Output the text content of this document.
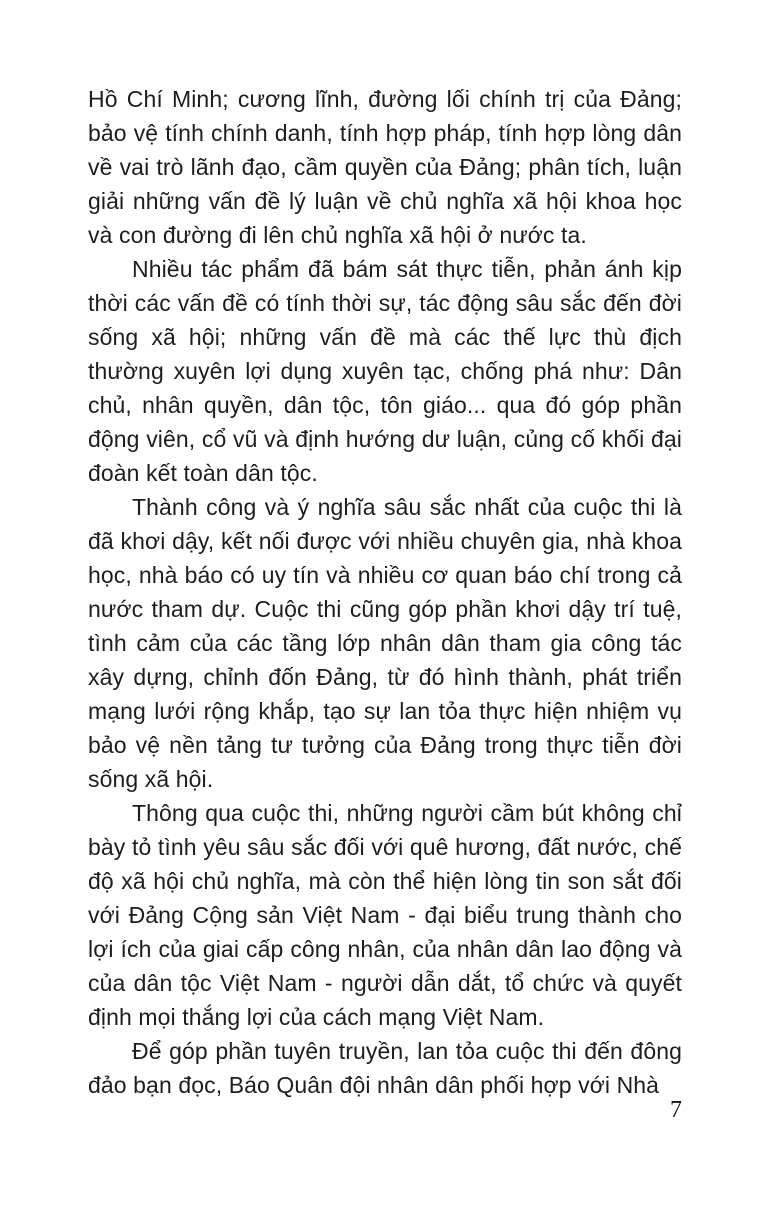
Hồ Chí Minh; cương lĩnh, đường lối chính trị của Đảng; bảo vệ tính chính danh, tính hợp pháp, tính hợp lòng dân về vai trò lãnh đạo, cầm quyền của Đảng; phân tích, luận giải những vấn đề lý luận về chủ nghĩa xã hội khoa học và con đường đi lên chủ nghĩa xã hội ở nước ta.

Nhiều tác phẩm đã bám sát thực tiễn, phản ánh kịp thời các vấn đề có tính thời sự, tác động sâu sắc đến đời sống xã hội; những vấn đề mà các thế lực thù địch thường xuyên lợi dụng xuyên tạc, chống phá như: Dân chủ, nhân quyền, dân tộc, tôn giáo... qua đó góp phần động viên, cổ vũ và định hướng dư luận, củng cố khối đại đoàn kết toàn dân tộc.

Thành công và ý nghĩa sâu sắc nhất của cuộc thi là đã khơi dậy, kết nối được với nhiều chuyên gia, nhà khoa học, nhà báo có uy tín và nhiều cơ quan báo chí trong cả nước tham dự. Cuộc thi cũng góp phần khơi dậy trí tuệ, tình cảm của các tầng lớp nhân dân tham gia công tác xây dựng, chỉnh đốn Đảng, từ đó hình thành, phát triển mạng lưới rộng khắp, tạo sự lan tỏa thực hiện nhiệm vụ bảo vệ nền tảng tư tưởng của Đảng trong thực tiễn đời sống xã hội.

Thông qua cuộc thi, những người cầm bút không chỉ bày tỏ tình yêu sâu sắc đối với quê hương, đất nước, chế độ xã hội chủ nghĩa, mà còn thể hiện lòng tin son sắt đối với Đảng Cộng sản Việt Nam - đại biểu trung thành cho lợi ích của giai cấp công nhân, của nhân dân lao động và của dân tộc Việt Nam - người dẫn dắt, tổ chức và quyết định mọi thắng lợi của cách mạng Việt Nam.

Để góp phần tuyên truyền, lan tỏa cuộc thi đến đông đảo bạn đọc, Báo Quân đội nhân dân phối hợp với Nhà

7
